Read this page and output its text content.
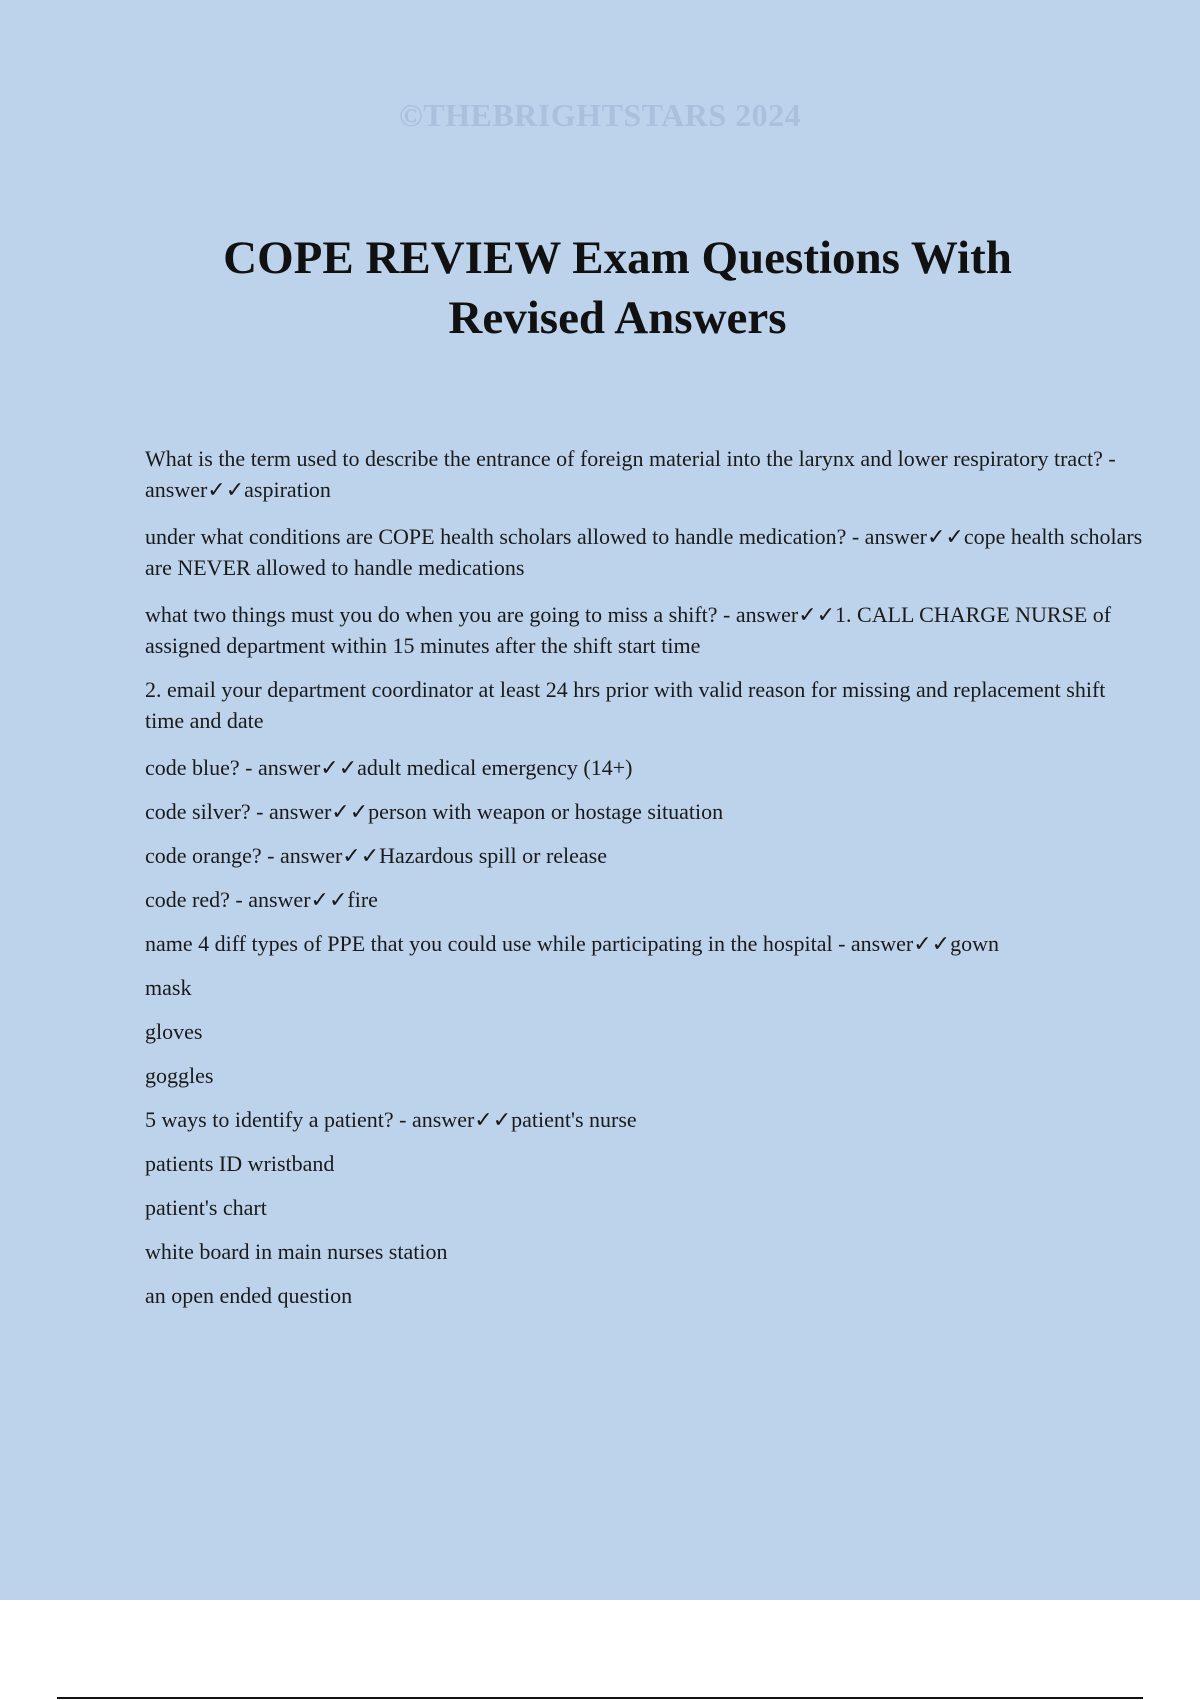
©THEBRIGHTSTARS 2024
COPE REVIEW Exam Questions With
Revised Answers

What is the term used to describe the entrance of foreign material into the larynx and lower respiratory tract? - answer✓✓aspiration

under what conditions are COPE health scholars allowed to handle medication? - answer✓✓cope health scholars are NEVER allowed to handle medications

what two things must you do when you are going to miss a shift? - answer✓✓1. CALL CHARGE NURSE of assigned department within 15 minutes after the shift start time

2. email your department coordinator at least 24 hrs prior with valid reason for missing and replacement shift time and date

code blue? - answer✓✓adult medical emergency (14+)

code silver? - answer✓✓person with weapon or hostage situation

code orange? - answer✓✓Hazardous spill or release

code red? - answer✓✓fire

name 4 diff types of PPE that you could use while participating in the hospital - answer✓✓gown

mask

gloves

goggles

5 ways to identify a patient? - answer✓✓patient's nurse

patients ID wristband

patient's chart

white board in main nurses station

an open ended question
